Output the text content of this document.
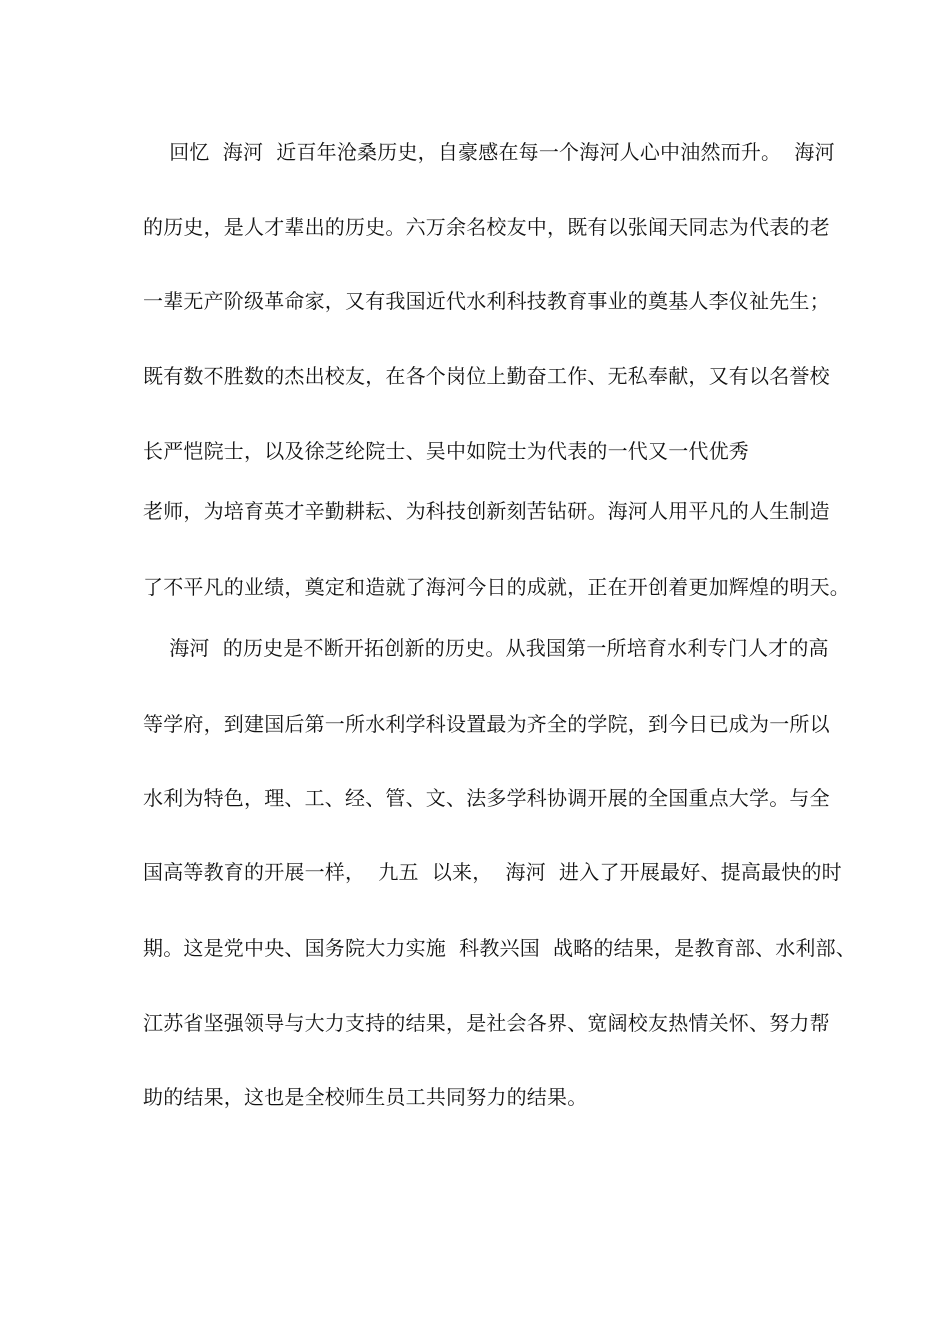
回忆  海河  近百年沧桑历史，自豪感在每一个海河人心中油然而升。  海河
的历史，是人才辈出的历史。六万余名校友中，既有以张闻天同志为代表的老
一辈无产阶级革命家，又有我国近代水利科技教育事业的奠基人李仪祉先生；
既有数不胜数的杰出校友，在各个岗位上勤奋工作、无私奉献，又有以名誉校
长严恺院士，以及徐芝纶院士、吴中如院士为代表的一代又一代优秀
老师，为培育英才辛勤耕耘、为科技创新刻苦钻研。海河人用平凡的人生制造
了不平凡的业绩，奠定和造就了海河今日的成就，正在开创着更加辉煌的明天。
海河  的历史是不断开拓创新的历史。从我国第一所培育水利专门人才的高
等学府，到建国后第一所水利学科设置最为齐全的学院，到今日已成为一所以
水利为特色，理、工、经、管、文、法多学科协调开展的全国重点大学。与全
国高等教育的开展一样，  九五  以来，  海河  进入了开展最好、提高最快的时
期。这是党中央、国务院大力实施  科教兴国  战略的结果，是教育部、水利部、
江苏省坚强领导与大力支持的结果，是社会各界、宽阔校友热情关怀、努力帮
助的结果，这也是全校师生员工共同努力的结果。
